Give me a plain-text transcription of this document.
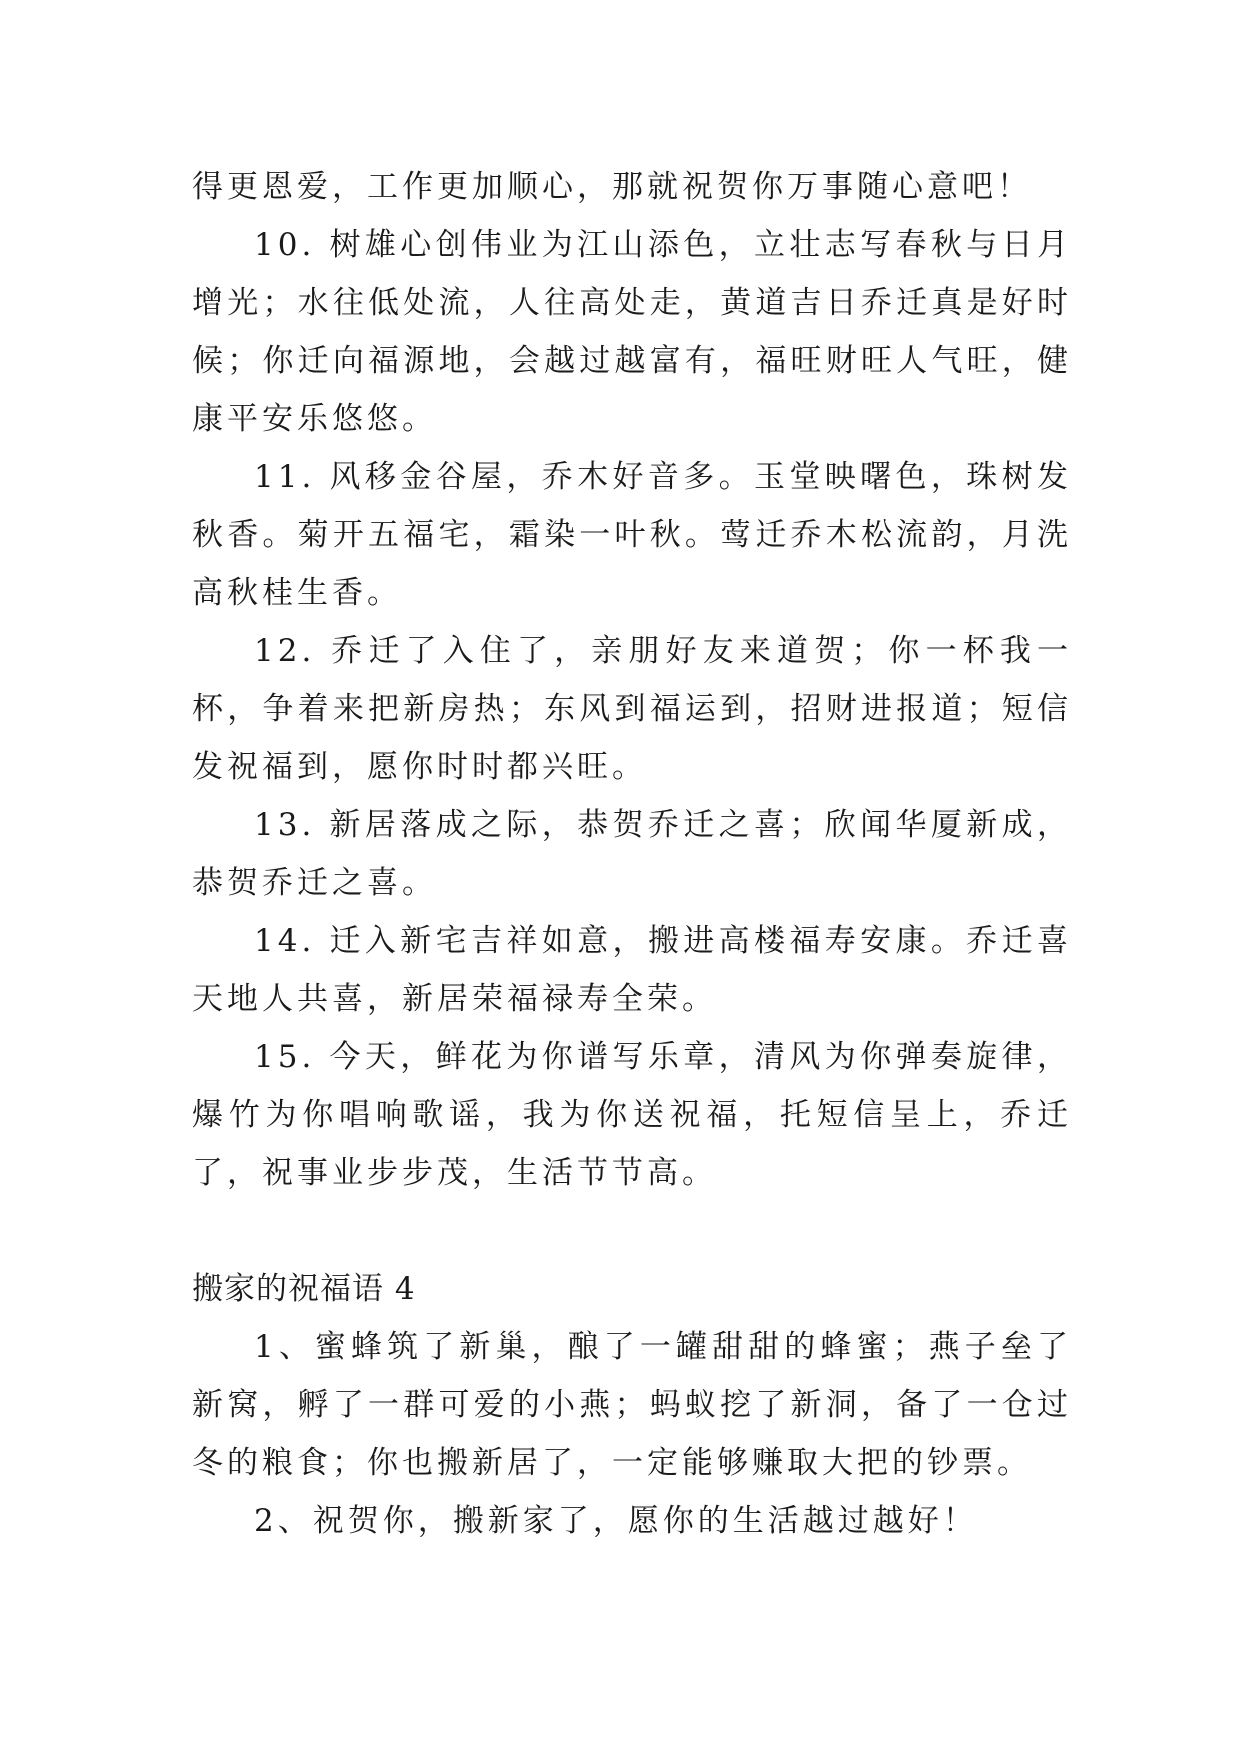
得更恩爱，工作更加顺心，那就祝贺你万事随心意吧！

10. 树雄心创伟业为江山添色，立壮志写春秋与日月增光；水往低处流，人往高处走，黄道吉日乔迁真是好时候；你迁向福源地，会越过越富有，福旺财旺人气旺，健康平安乐悠悠。

11. 风移金谷屋，乔木好音多。玉堂映曙色，珠树发秋香。菊开五福宅，霜染一叶秋。莺迁乔木松流韵，月洗高秋桂生香。

12. 乔迁了入住了，亲朋好友来道贺；你一杯我一杯，争着来把新房热；东风到福运到，招财进报道；短信发祝福到，愿你时时都兴旺。

13. 新居落成之际，恭贺乔迁之喜；欣闻华厦新成，恭贺乔迁之喜。

14. 迁入新宅吉祥如意，搬进高楼福寿安康。乔迁喜天地人共喜，新居荣福禄寿全荣。

15. 今天，鲜花为你谱写乐章，清风为你弹奏旋律，爆竹为你唱响歌谣，我为你送祝福，托短信呈上，乔迁了，祝事业步步茂，生活节节高。

搬家的祝福语 4

1、蜜蜂筑了新巢，酿了一罐甜甜的蜂蜜；燕子垒了新窝，孵了一群可爱的小燕；蚂蚁挖了新洞，备了一仓过冬的粮食；你也搬新居了，一定能够赚取大把的钞票。

2、祝贺你，搬新家了，愿你的生活越过越好！
